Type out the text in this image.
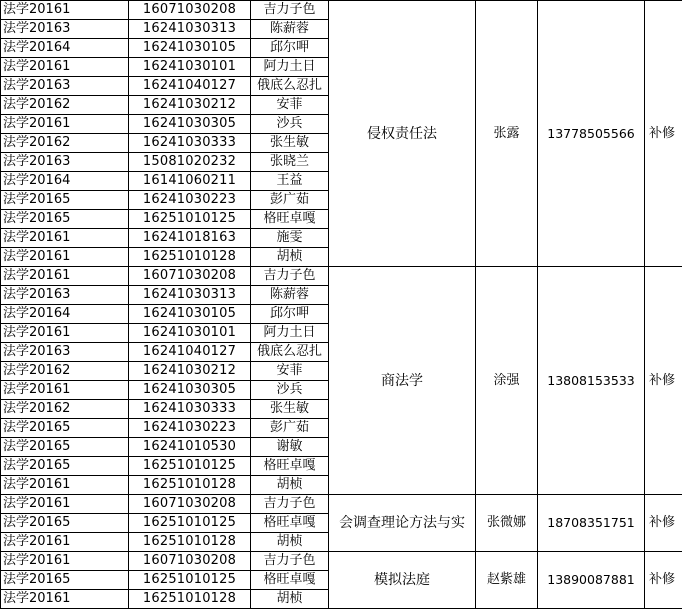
法学20161	16071030208	吉力子色	侵权责任法	张露	13778505566	补修
法学20163	16241030313	陈薪蓉				
法学20164	16241030105	邱尔呷				
法学20161	16241030101	阿力土日				
法学20163	16241040127	俄底么忍扎				
法学20162	16241030212	安菲				
法学20161	16241030305	沙兵				
法学20162	16241030333	张生敏				
法学20163	15081020232	张晓兰				
法学20164	16141060211	王益				
法学20165	16241030223	彭广茹				
法学20165	16251010125	格旺卓嘎				
法学20161	16241018163	施雯				
法学20161	16251010128	胡桢				
法学20161	16071030208	吉力子色	商法学	涂强	13808153533	补修
法学20163	16241030313	陈薪蓉				
法学20164	16241030105	邱尔呷				
法学20161	16241030101	阿力土日				
法学20163	16241040127	俄底么忍扎				
法学20162	16241030212	安菲				
法学20161	16241030305	沙兵				
法学20162	16241030333	张生敏				
法学20165	16241030223	彭广茹				
法学20165	16241010530	谢敏				
法学20165	16251010125	格旺卓嘎				
法学20161	16251010128	胡桢				
法学20161	16071030208	吉力子色	会调查理论方法与实	张微娜	18708351751	补修
法学20165	16251010125	格旺卓嘎				
法学20161	16251010128	胡桢				
法学20161	16071030208	吉力子色	模拟法庭	赵紫雄	13890087881	补修
法学20165	16251010125	格旺卓嘎				
法学20161	16251010128	胡桢				
